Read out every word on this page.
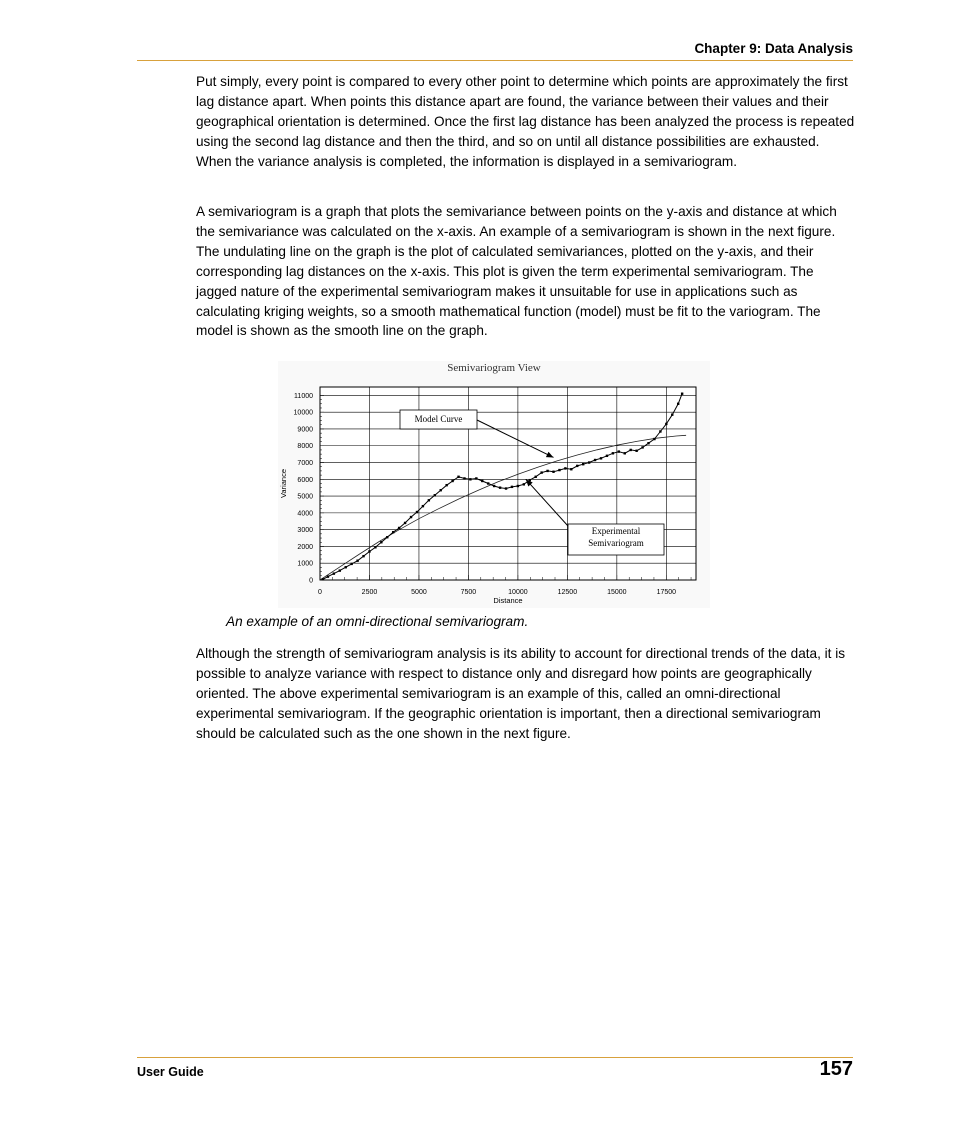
Chapter 9: Data Analysis

Put simply, every point is compared to every other point to determine which points are approximately the first lag distance apart. When points this distance apart are found, the variance between their values and their geographical orientation is determined. Once the first lag distance has been analyzed the process is repeated using the second lag distance and then the third, and so on until all distance possibilities are exhausted. When the variance analysis is completed, the information is displayed in a semivariogram.

A semivariogram is a graph that plots the semivariance between points on the y-axis and distance at which the semivariance was calculated on the x-axis. An example of a semivariogram is shown in the next figure. The undulating line on the graph is the plot of calculated semivariances, plotted on the y-axis, and their corresponding lag distances on the x-axis. This plot is given the term experimental semivariogram. The jagged nature of the experimental semivariogram makes it unsuitable for use in applications such as calculating kriging weights, so a smooth mathematical function (model) must be fit to the variogram. The model is shown as the smooth line on the graph.

Semivariogram View
0
1000
2000
3000
4000
5000
6000
7000
8000
9000
10000
11000
0	2500	5000	7500	10000	12500	15000	17500
Distance
Variance
Model Curve
Experimental
Semivariogram
An example of an omni-directional semivariogram.

Although the strength of semivariogram analysis is its ability to account for directional trends of the data, it is possible to analyze variance with respect to distance only and disregard how points are geographically oriented. The above experimental semivariogram is an example of this, called an omni-directional experimental semivariogram. If the geographic orientation is important, then a directional semivariogram should be calculated such as the one shown in the next figure.

User Guide	157
